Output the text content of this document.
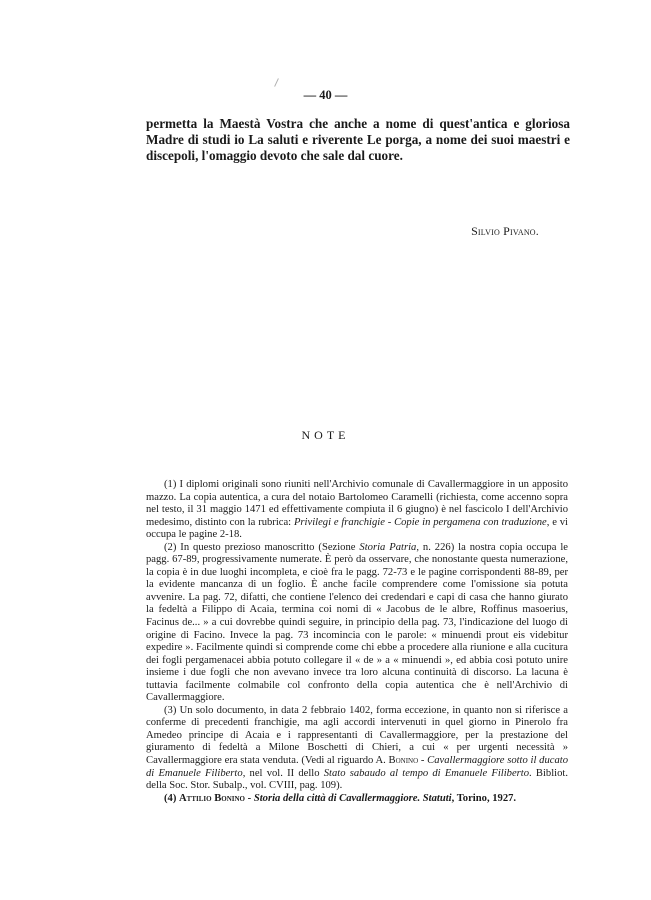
— 40 —

permetta la Maestà Vostra che anche a nome di quest'antica e gloriosa Madre di studi io La saluti e riverente Le porga, a nome dei suoi maestri e discepoli, l'omaggio devoto che sale dal cuore.

Silvio Pivano.
NOTE

(1) I diplomi originali sono riuniti nell'Archivio comunale di Cavallermaggiore in un apposito mazzo. La copia autentica, a cura del notaio Bartolomeo Caramelli (richiesta, come accenno sopra nel testo, il 31 maggio 1471 ed effettivamente compiuta il 6 giugno) è nel fascicolo I dell'Archivio medesimo, distinto con la rubrica: Privilegi e franchigie - Copie in pergamena con traduzione, e vi occupa le pagine 2-18.

(2) In questo prezioso manoscritto (Sezione Storia Patria, n. 226) la nostra copia occupa le pagg. 67-89, progressivamente numerate. È però da osservare, che nonostante questa numerazione, la copia è in due luoghi incompleta, e cioè fra le pagg. 72-73 e le pagine corrispondenti 88-89, per la evidente mancanza di un foglio. È anche facile comprendere come l'omissione sia potuta avvenire. La pag. 72, difatti, che contiene l'elenco dei credendari e capi di casa che hanno giurato la fedeltà a Filippo di Acaia, termina coi nomi di « Jacobus de le albre, Roffinus masoerius, Facinus de... » a cui dovrebbe quindi seguire, in principio della pag. 73, l'indicazione del luogo di origine di Facino. Invece la pag. 73 incomincia con le parole: « minuendi prout eis videbitur expedire ». Facilmente quindi si comprende come chi ebbe a procedere alla riunione e alla cucitura dei fogli pergamenacei abbia potuto collegare il « de » a « minuendi », ed abbia così potuto unire insieme i due fogli che non avevano invece tra loro alcuna continuità di discorso. La lacuna è tuttavia facilmente colmabile col confronto della copia autentica che è nell'Archivio di Cavallermaggiore.

(3) Un solo documento, in data 2 febbraio 1402, forma eccezione, in quanto non si riferisce a conferme di precedenti franchigie, ma agli accordi intervenuti in quel giorno in Pinerolo fra Amedeo principe di Acaia e i rappresentanti di Cavallermaggiore, per la prestazione del giuramento di fedeltà a Milone Boschetti di Chieri, a cui « per urgenti necessità » Cavallermaggiore era stata venduta. (Vedi al riguardo A. Bonino - Cavallermaggiore sotto il ducato di Emanuele Filiberto, nel vol. II dello Stato sabaudo al tempo di Emanuele Filiberto. Bibliot. della Soc. Stor. Subalp., vol. CVIII, pag. 109).

(4) Attilio Bonino - Storia della città di Cavallermaggiore. Statuti, Torino, 1927.
